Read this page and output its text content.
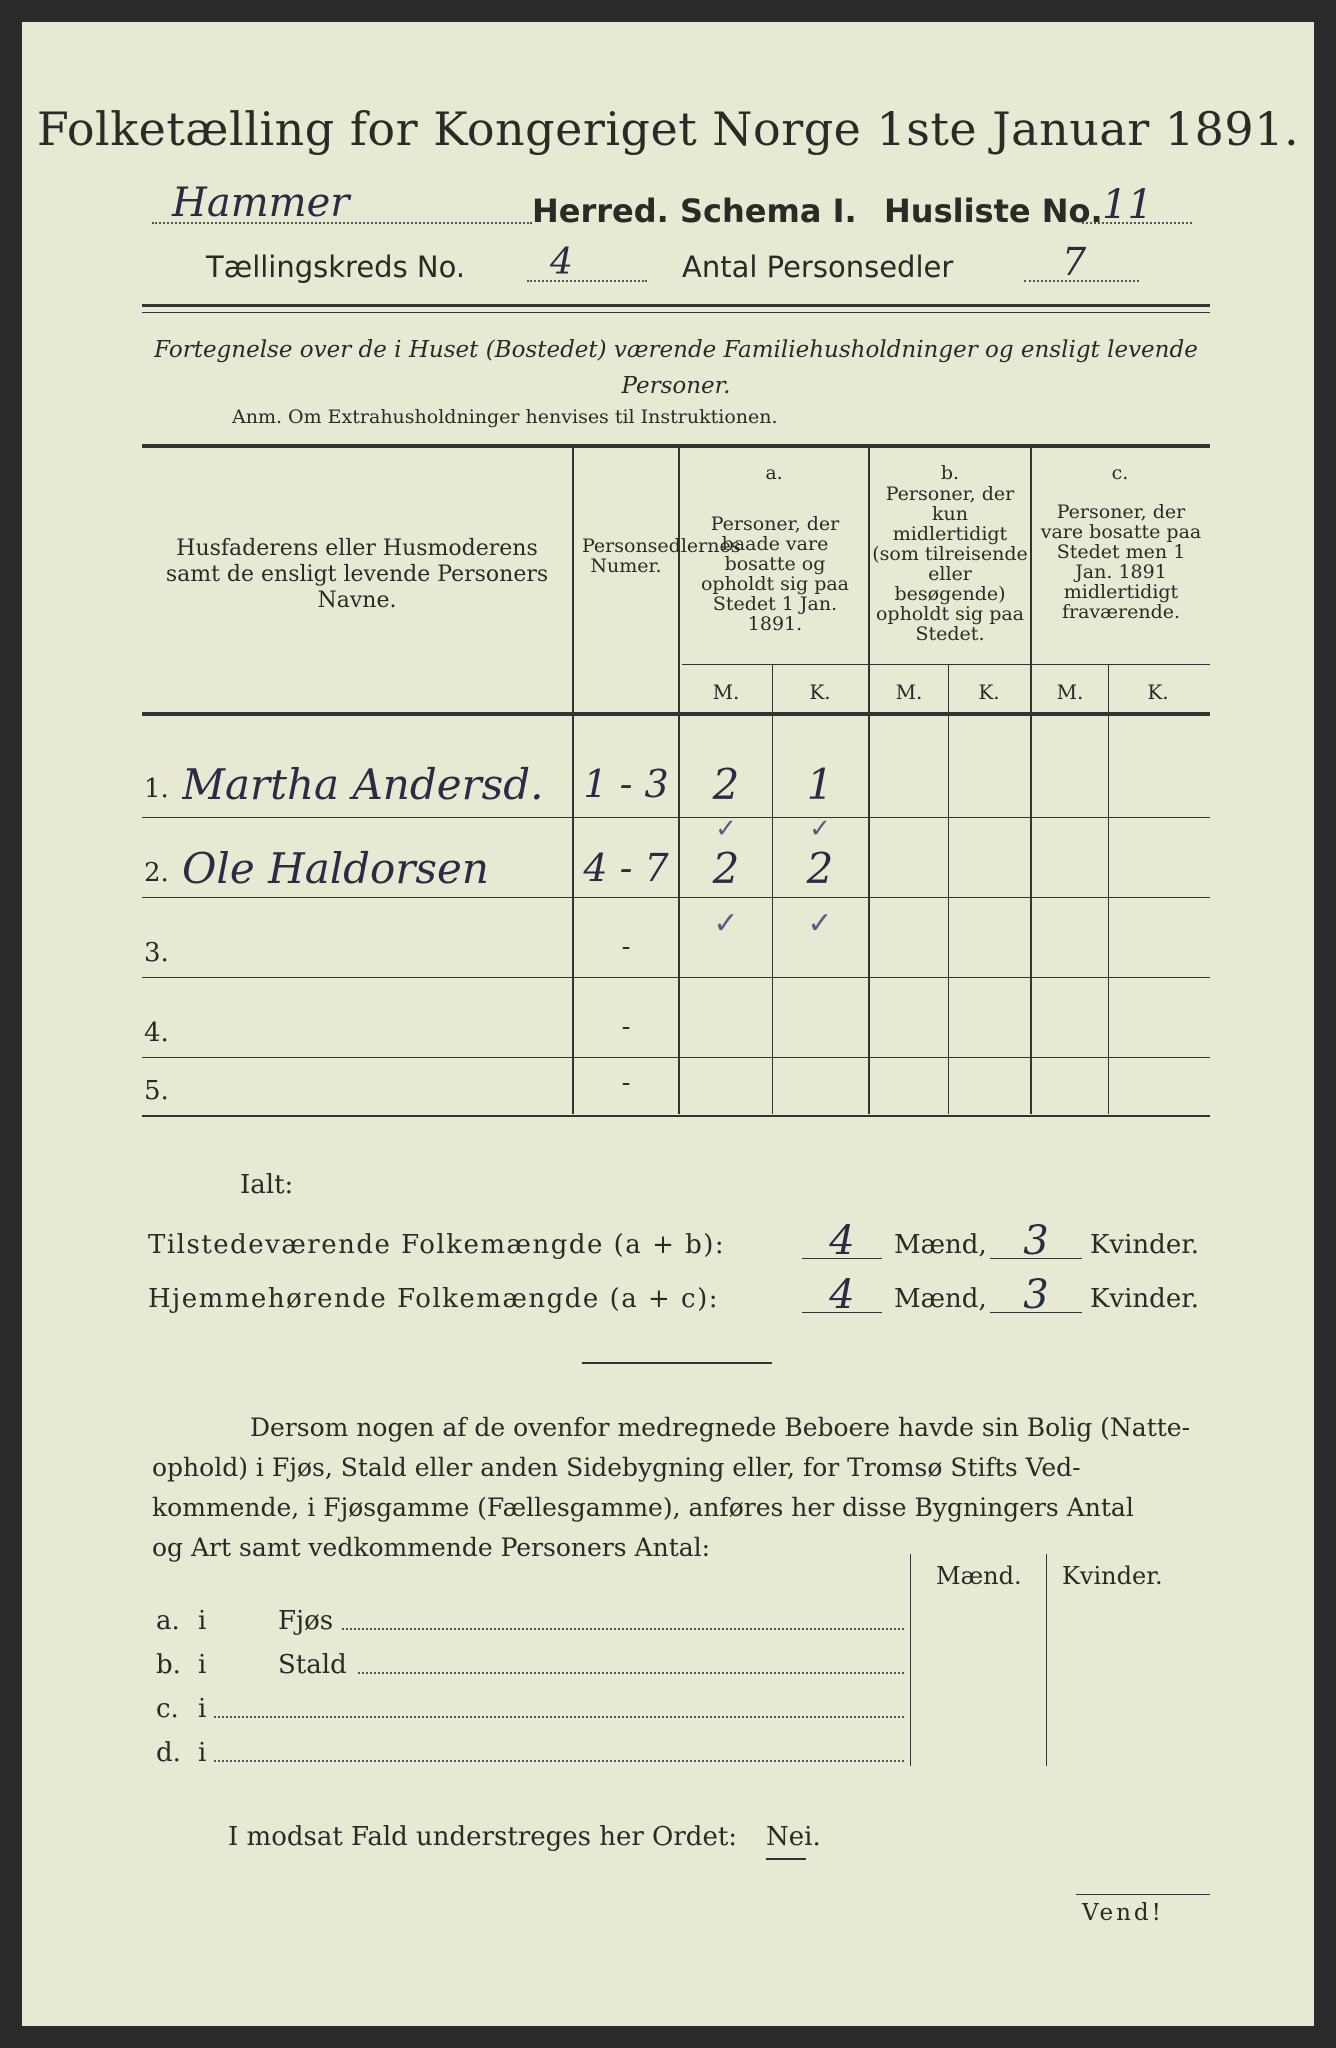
Folketælling for Kongeriget Norge 1ste Januar 1891.
Hammer	Herred. Schema I. Husliste No. 11
Tællingskreds No. 4	Antal Personsedler	7
Fortegnelse over de i Huset (Bostedet) værende Familiehusholdninger og ensligt levende Personer.
Anm. Om Extrahusholdninger henvises til Instruktionen.
Husfaderens eller Husmoderens samt de ensligt levende Personers Navne.
Personsedlernes Numer.
a.
Personer, der baade vare bosatte og opholdt sig paa Stedet 1 Jan. 1891.
b.
Personer, der kun midlertidigt (som tilreisende eller besøgende) opholdt sig paa Stedet.
c.
Personer, der vare bosatte paa Stedet men 1 Jan. 1891 midlertidigt fraværende.
M.	K.	M.	K.	M.	K.
1. Martha Andersd.	1 - 3	2	1
✓	✓
2. Ole Haldorsen	4 - 7	2	2
✓	✓
3.	-
4.	-
5.	-
Ialt:
Tilstedeværende Folkemængde (a + b):	4	Mænd, 3	Kvinder.
Hjemmehørende Folkemængde (a + c):	4	Mænd, 3	Kvinder.
Dersom nogen af de ovenfor medregnede Beboere havde sin Bolig (Natte-
ophold) i Fjøs, Stald eller anden Sidebygning eller, for Tromsø Stifts Ved-
kommende, i Fjøsgamme (Fællesgamme), anføres her disse Bygningers Antal
og Art samt vedkommende Personers Antal:
Mænd. Kvinder.
a. i	Fjøs
b. i	Stald
c. i
d. i
I modsat Fald understreges her Ordet: Nei.
Vend!
